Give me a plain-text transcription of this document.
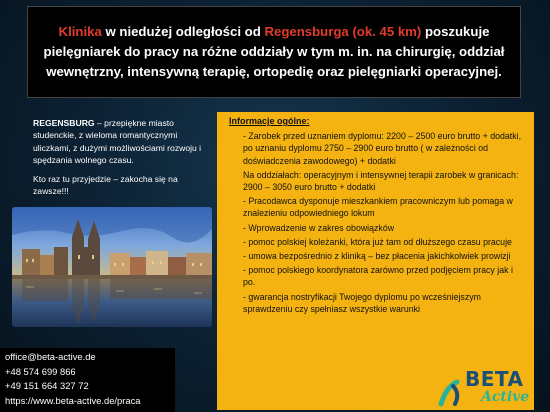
Klinika w niedużej odległości od Regensburga (ok. 45 km) poszukuje pielęgniarek do pracy na różne oddziały w tym m. in. na chirurgię, oddział wewnętrzny, intensywną terapię, ortopedię oraz pielęgniarki operacyjnej.

REGENSBURG – przepiękne miasto studenckie, z wieloma romantycznymi uliczkami, z dużymi możliwościami rozwoju i spędzania wolnego czasu.

Kto raz tu przyjedzie – zakocha się na zawsze!!!

Informacje ogólne:
- Zarobek przed uznaniem dyplomu: 2200 – 2500 euro brutto + dodatki, po uznaniu dyplomu 2750 – 2900 euro brutto ( w zależności od doświadczenia zawodowego) + dodatki
Na oddziałach: operacyjnym i intensywnej terapii zarobek w granicach: 2900 – 3050 euro brutto + dodatki
- Pracodawca dysponuje mieszkankiem pracowniczym lub pomaga w znalezieniu odpowiedniego lokum
- Wprowadzenie w zakres obowiązków
- pomoc polskiej koleżanki, która już tam od dłuższego czasu pracuje
- umowa bezpośrednio z kliniką – bez płacenia jakichkolwiek prowizji
- pomoc polskiego koordynatora zarówno przed podjęciem pracy jak i po.
- gwarancja nostryfikacji Twojego dyplomu po wcześniejszym sprawdzeniu czy spełniasz wszystkie warunki
office@beta-active.de
+48 574 699 866
+49 151 664 327 72
https://www.beta-active.de/praca
BETA
Active
